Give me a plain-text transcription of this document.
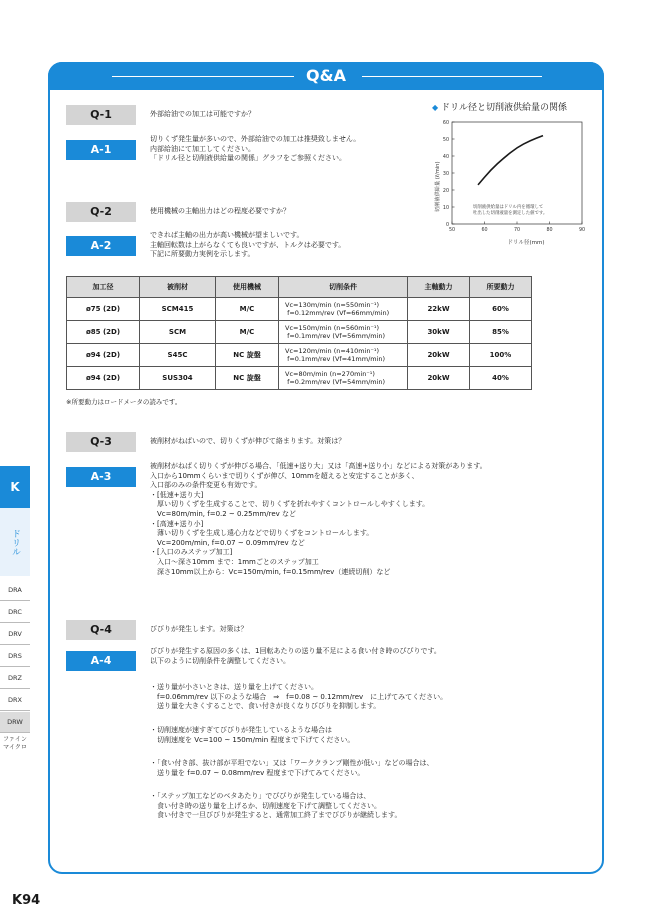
Q&A
Q-1	外部給油での加工は可能ですか？
A-1
切りくず発生量が多いので、外部給油での加工は推奨致しません。
内部給油にて加工してください。
「ドリル径と切削液供給量の関係」グラフをご参照ください。
◆ ドリル径と切削液供給量の関係
切削液供給量 (ℓ/min)
0
10
20
30
40
50
60
50	60	70	80	90
切削液供給量はドリル内を循環して
吐出した切削液量を測定した値です。
ドリル径(mm)
Q-2	使用機械の主軸出力はどの程度必要ですか？
A-2
できれば主軸の出力が高い機械が望ましいです。
主軸回転数は上がらなくても良いですが、トルクは必要です。
下記に所要動力実例を示します。
加工径	被削材	使用機械	切削条件	主軸動力	所要動力
ø75 (2D)	SCM415	M/C	Vc=130m/min (n=550min⁻¹)
f=0.12mm/rev (Vf=66mm/min)	22kW	60%
ø85 (2D)	SCM	M/C	Vc=150m/min (n=560min⁻¹)
f=0.1mm/rev (Vf=56mm/min)	30kW	85%
ø94 (2D)	S45C	NC 旋盤	Vc=120m/min (n=410min⁻¹)
f=0.1mm/rev (Vf=41mm/min)	20kW	100%
ø94 (2D)	SUS304	NC 旋盤	Vc=80m/min (n=270min⁻¹)
f=0.2mm/rev (Vf=54mm/min)	20kW	40%
※所要動力はロードメータの読みです。
Q-3	被削材がねばいので、切りくずが伸びて絡まります。対策は？
A-3
被削材がねばく切りくずが伸びる場合、「低速+送り大」又は「高速+送り小」などによる対策があります。
入口から10mmくらいまで切りくずが伸び、10mmを超えると安定することが多く、
入口部のみの条件変更も有効です。
・[低速+送り大]
　厚い切りくずを生成することで、切りくずを折れやすくコントロールしやすくします。
　Vc=80m/min, f=0.2 ~ 0.25mm/rev など
・[高速+送り小]
　薄い切りくずを生成し遠心力などで切りくずをコントロールします。
　Vc=200m/min, f=0.07 ~ 0.09mm/rev など
・[入口のみステップ加工]
　入口～深さ10mm まで：1mmごとのステップ加工
　深さ10mm以上から：Vc=150m/min, f=0.15mm/rev（連続切削）など
Q-4	びびりが発生します。対策は？
A-4
びびりが発生する原因の多くは、1回転あたりの送り量不足による食い付き時のびびりです。
以下のように切削条件を調整してください。
・送り量が小さいときは、送り量を上げてください。
　f=0.06mm/rev 以下のような場合　⇒　f=0.08 ~ 0.12mm/rev　に上げてみてください。
　送り量を大きくすることで、食い付きが良くなりびびりを抑制します。
・切削速度が速すぎてびびりが発生しているような場合は
　切削速度を Vc=100 ~ 150m/min 程度まで下げてください。
・「食い付き部、抜け部が平坦でない」又は「ワーククランプ剛性が低い」などの場合は、
　送り量を f=0.07 ~ 0.08mm/rev 程度まで下げてみてください。
・「ステップ加工などのベタあたり」でびびりが発生している場合は、
　食い付き時の送り量を上げるか、切削速度を下げて調整してください。
　食い付きで一旦びびりが発生すると、通常加工終了までびびりが継続します。
K
ドリル
DRA
DRC
DRV
DRS
DRZ
DRX
DRW
ファイン
マイクロ
K94
